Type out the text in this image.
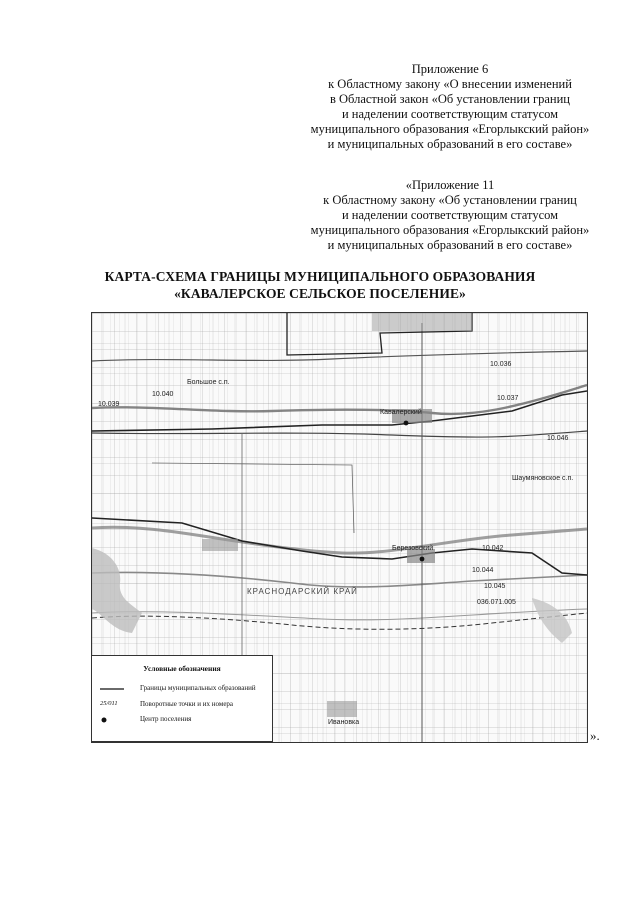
Приложение 6
к Областному закону «О внесении изменений
в Областной закон «Об установлении границ
и наделении соответствующим статусом
муниципального образования «Егорлыкский район»
и муниципальных образований в его составе»
«Приложение 11
к Областному закону «Об установлении границ
и наделении соответствующим статусом
муниципального образования «Егорлыкский район»
и муниципальных образований в его составе»
КАРТА-СХЕМА ГРАНИЦЫ МУНИЦИПАЛЬНОГО ОБРАЗОВАНИЯ
«КАВАЛЕРСКОЕ СЕЛЬСКОЕ ПОСЕЛЕНИЕ»
Кавалерский
Березовский
КРАСНОДАРСКИЙ КРАЙ
Шаумяновское с.п.
Большое с.п.
Ивановка
10.036
10.037
10.039
10.040
10.042
10.044
10.045
036.071.005
10.046
Условные обозначения
Границы муниципальных образований
25/011	Поворотные точки и их номера
Центр поселения
».
